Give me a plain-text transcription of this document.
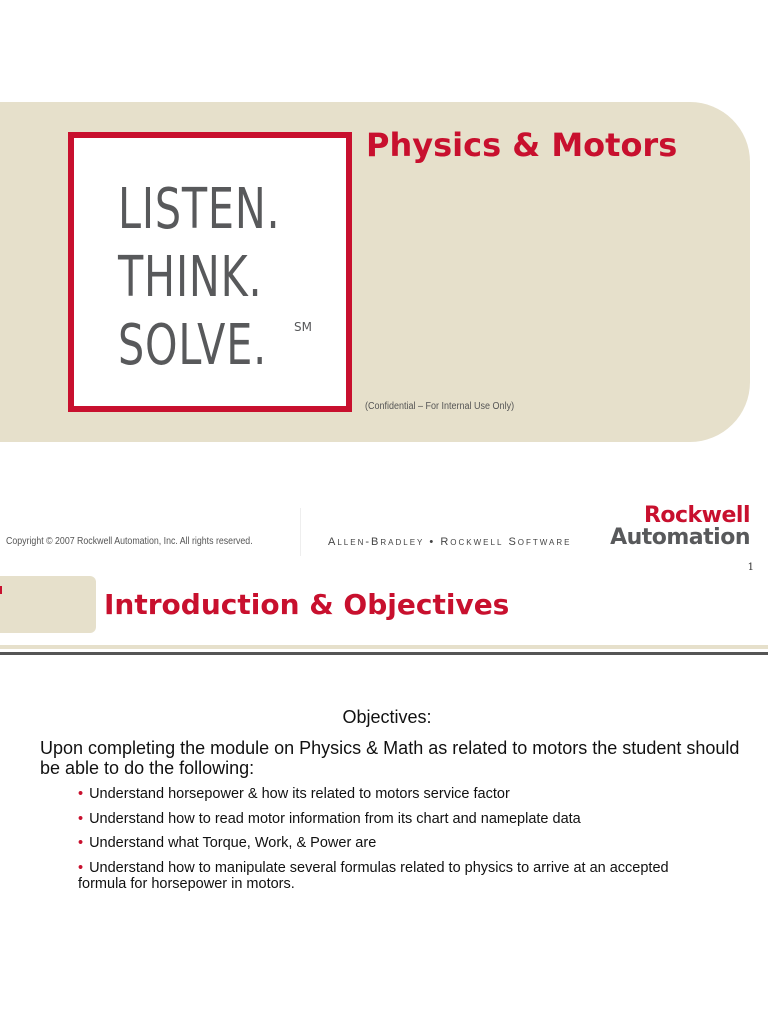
LISTEN.
THINK.
SOLVE. SM
Physics & Motors
(Confidential – For Internal Use Only)
Copyright © 2007 Rockwell Automation, Inc. All rights reserved.	Allen-Bradley • Rockwell Software
Rockwell
Automation
1
Introduction & Objectives
Objectives:
Upon completing the module on Physics & Math as related to motors the student should be able to do the following:
• Understand horsepower & how its related to motors service factor
• Understand how to read motor information from its chart and nameplate data
• Understand what Torque, Work, & Power are
• Understand how to manipulate several formulas related to physics to arrive at an accepted formula for horsepower in motors.
